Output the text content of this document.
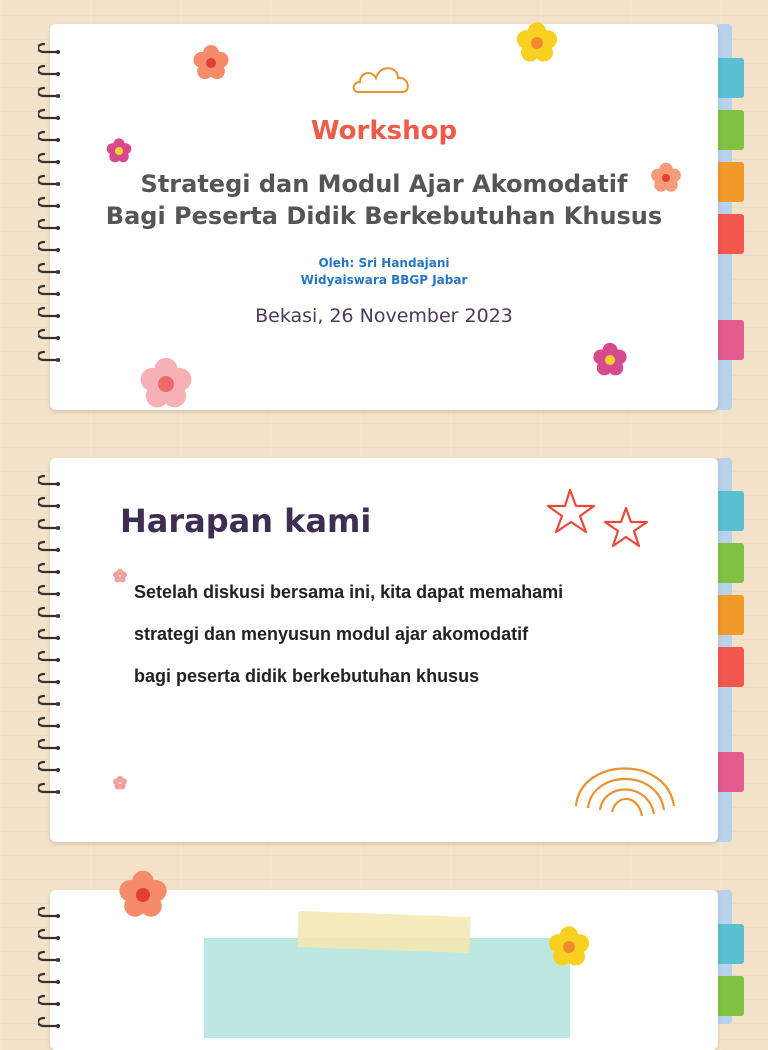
Workshop
Strategi dan Modul Ajar Akomodatif
Bagi Peserta Didik Berkebutuhan Khusus
Oleh: Sri Handajani
Widyaiswara BBGP Jabar
Bekasi, 26 November 2023
Harapan kami
Setelah diskusi bersama ini, kita dapat memahami
strategi dan menyusun modul ajar akomodatif
bagi peserta didik berkebutuhan khusus
